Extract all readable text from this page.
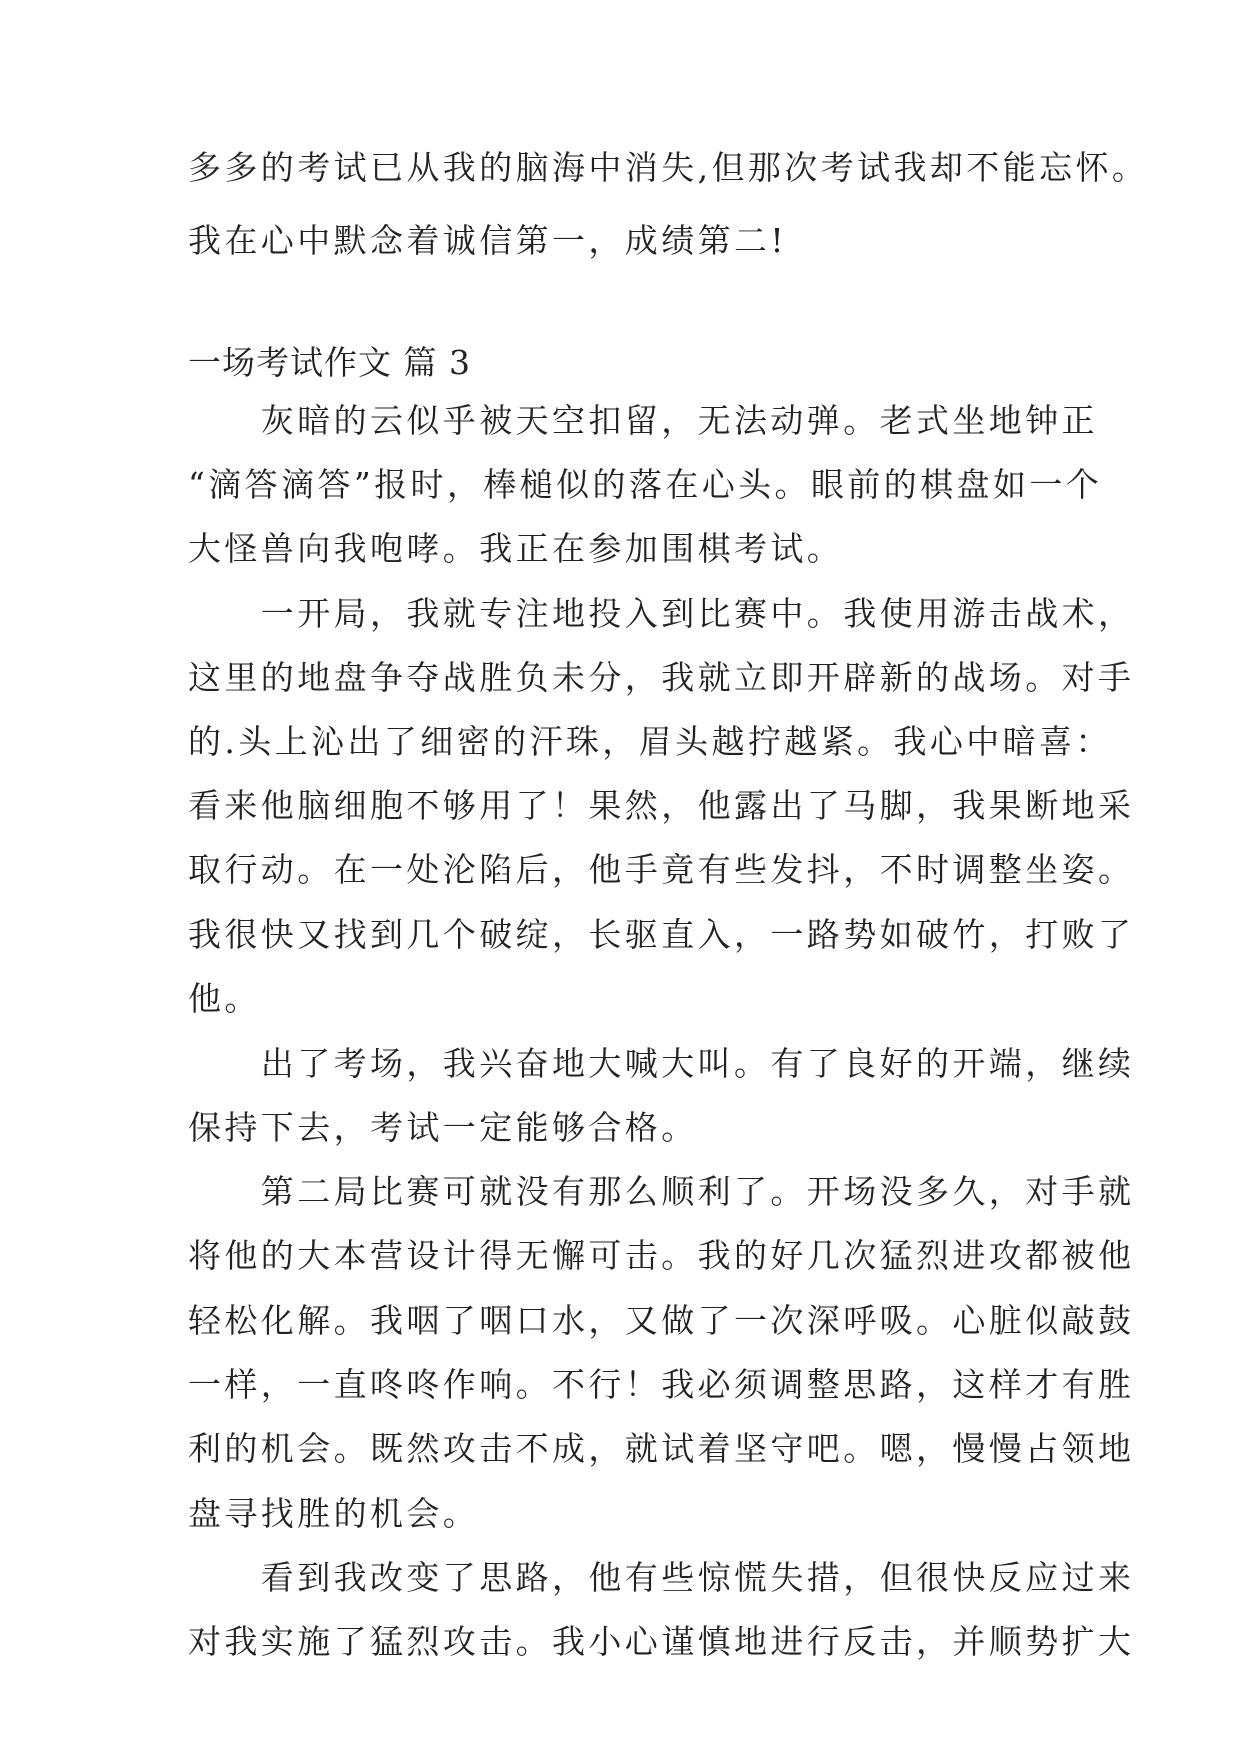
多多的考试已从我的脑海中消失,但那次考试我却不能忘怀。
我在心中默念着诚信第一，成绩第二!
一场考试作文 篇 3
　　灰暗的云似乎被天空扣留，无法动弹。老式坐地钟正
“滴答滴答”报时，棒槌似的落在心头。眼前的棋盘如一个
大怪兽向我咆哮。我正在参加围棋考试。
　　一开局，我就专注地投入到比赛中。我使用游击战术，
这里的地盘争夺战胜负未分，我就立即开辟新的战场。对手
的.头上沁出了细密的汗珠，眉头越拧越紧。我心中暗喜：
看来他脑细胞不够用了！果然，他露出了马脚，我果断地采
取行动。在一处沦陷后，他手竟有些发抖，不时调整坐姿。
我很快又找到几个破绽，长驱直入，一路势如破竹，打败了
他。
　　出了考场，我兴奋地大喊大叫。有了良好的开端，继续
保持下去，考试一定能够合格。
　　第二局比赛可就没有那么顺利了。开场没多久，对手就
将他的大本营设计得无懈可击。我的好几次猛烈进攻都被他
轻松化解。我咽了咽口水，又做了一次深呼吸。心脏似敲鼓
一样，一直咚咚作响。不行！我必须调整思路，这样才有胜
利的机会。既然攻击不成，就试着坚守吧。嗯，慢慢占领地
盘寻找胜的机会。
　　看到我改变了思路，他有些惊慌失措，但很快反应过来
对我实施了猛烈攻击。我小心谨慎地进行反击，并顺势扩大
